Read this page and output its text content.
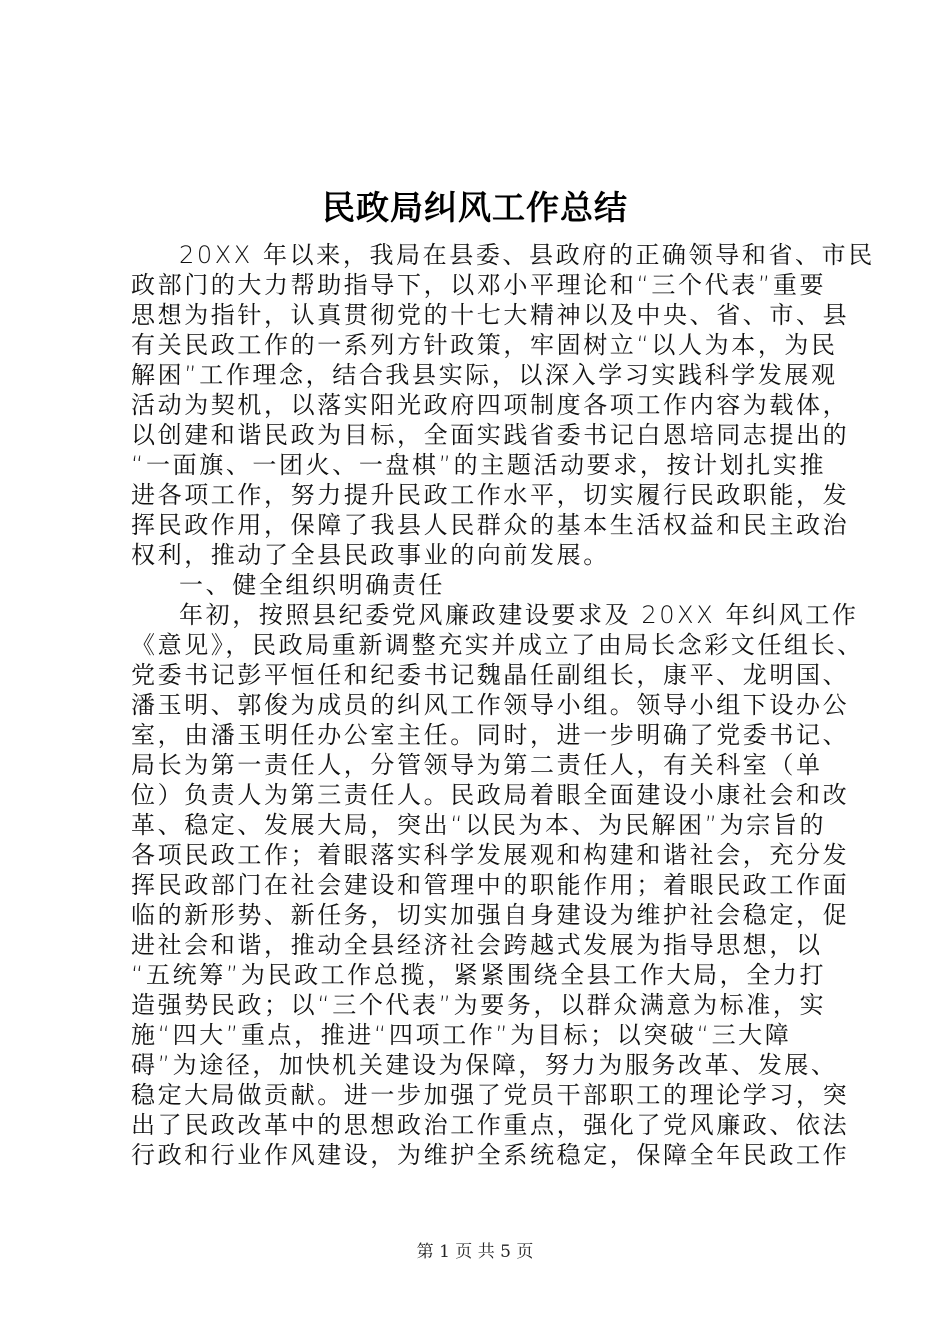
民政局纠风工作总结
20XX 年以来，我局在县委、县政府的正确领导和省、市民
政部门的大力帮助指导下，以邓小平理论和“三个代表”重要
思想为指针，认真贯彻党的十七大精神以及中央、省、市、县
有关民政工作的一系列方针政策，牢固树立“以人为本，为民
解困”工作理念，结合我县实际，以深入学习实践科学发展观
活动为契机，以落实阳光政府四项制度各项工作内容为载体，
以创建和谐民政为目标，全面实践省委书记白恩培同志提出的
“一面旗、一团火、一盘棋”的主题活动要求，按计划扎实推
进各项工作，努力提升民政工作水平，切实履行民政职能，发
挥民政作用，保障了我县人民群众的基本生活权益和民主政治
权利，推动了全县民政事业的向前发展。
一、健全组织明确责任
年初，按照县纪委党风廉政建设要求及 20XX 年纠风工作
《意见》，民政局重新调整充实并成立了由局长念彩文任组长、
党委书记彭平恒任和纪委书记魏晶任副组长，康平、龙明国、
潘玉明、郭俊为成员的纠风工作领导小组。领导小组下设办公
室，由潘玉明任办公室主任。同时，进一步明确了党委书记、
局长为第一责任人，分管领导为第二责任人，有关科室（单
位）负责人为第三责任人。民政局着眼全面建设小康社会和改
革、稳定、发展大局，突出“以民为本、为民解困”为宗旨的
各项民政工作；着眼落实科学发展观和构建和谐社会，充分发
挥民政部门在社会建设和管理中的职能作用；着眼民政工作面
临的新形势、新任务，切实加强自身建设为维护社会稳定，促
进社会和谐，推动全县经济社会跨越式发展为指导思想，以
“五统筹”为民政工作总揽，紧紧围绕全县工作大局，全力打
造强势民政；以“三个代表”为要务，以群众满意为标准，实
施“四大”重点，推进“四项工作”为目标；以突破“三大障
碍”为途径，加快机关建设为保障，努力为服务改革、发展、
稳定大局做贡献。进一步加强了党员干部职工的理论学习，突
出了民政改革中的思想政治工作重点，强化了党风廉政、依法
行政和行业作风建设，为维护全系统稳定，保障全年民政工作
第 1 页 共 5 页
